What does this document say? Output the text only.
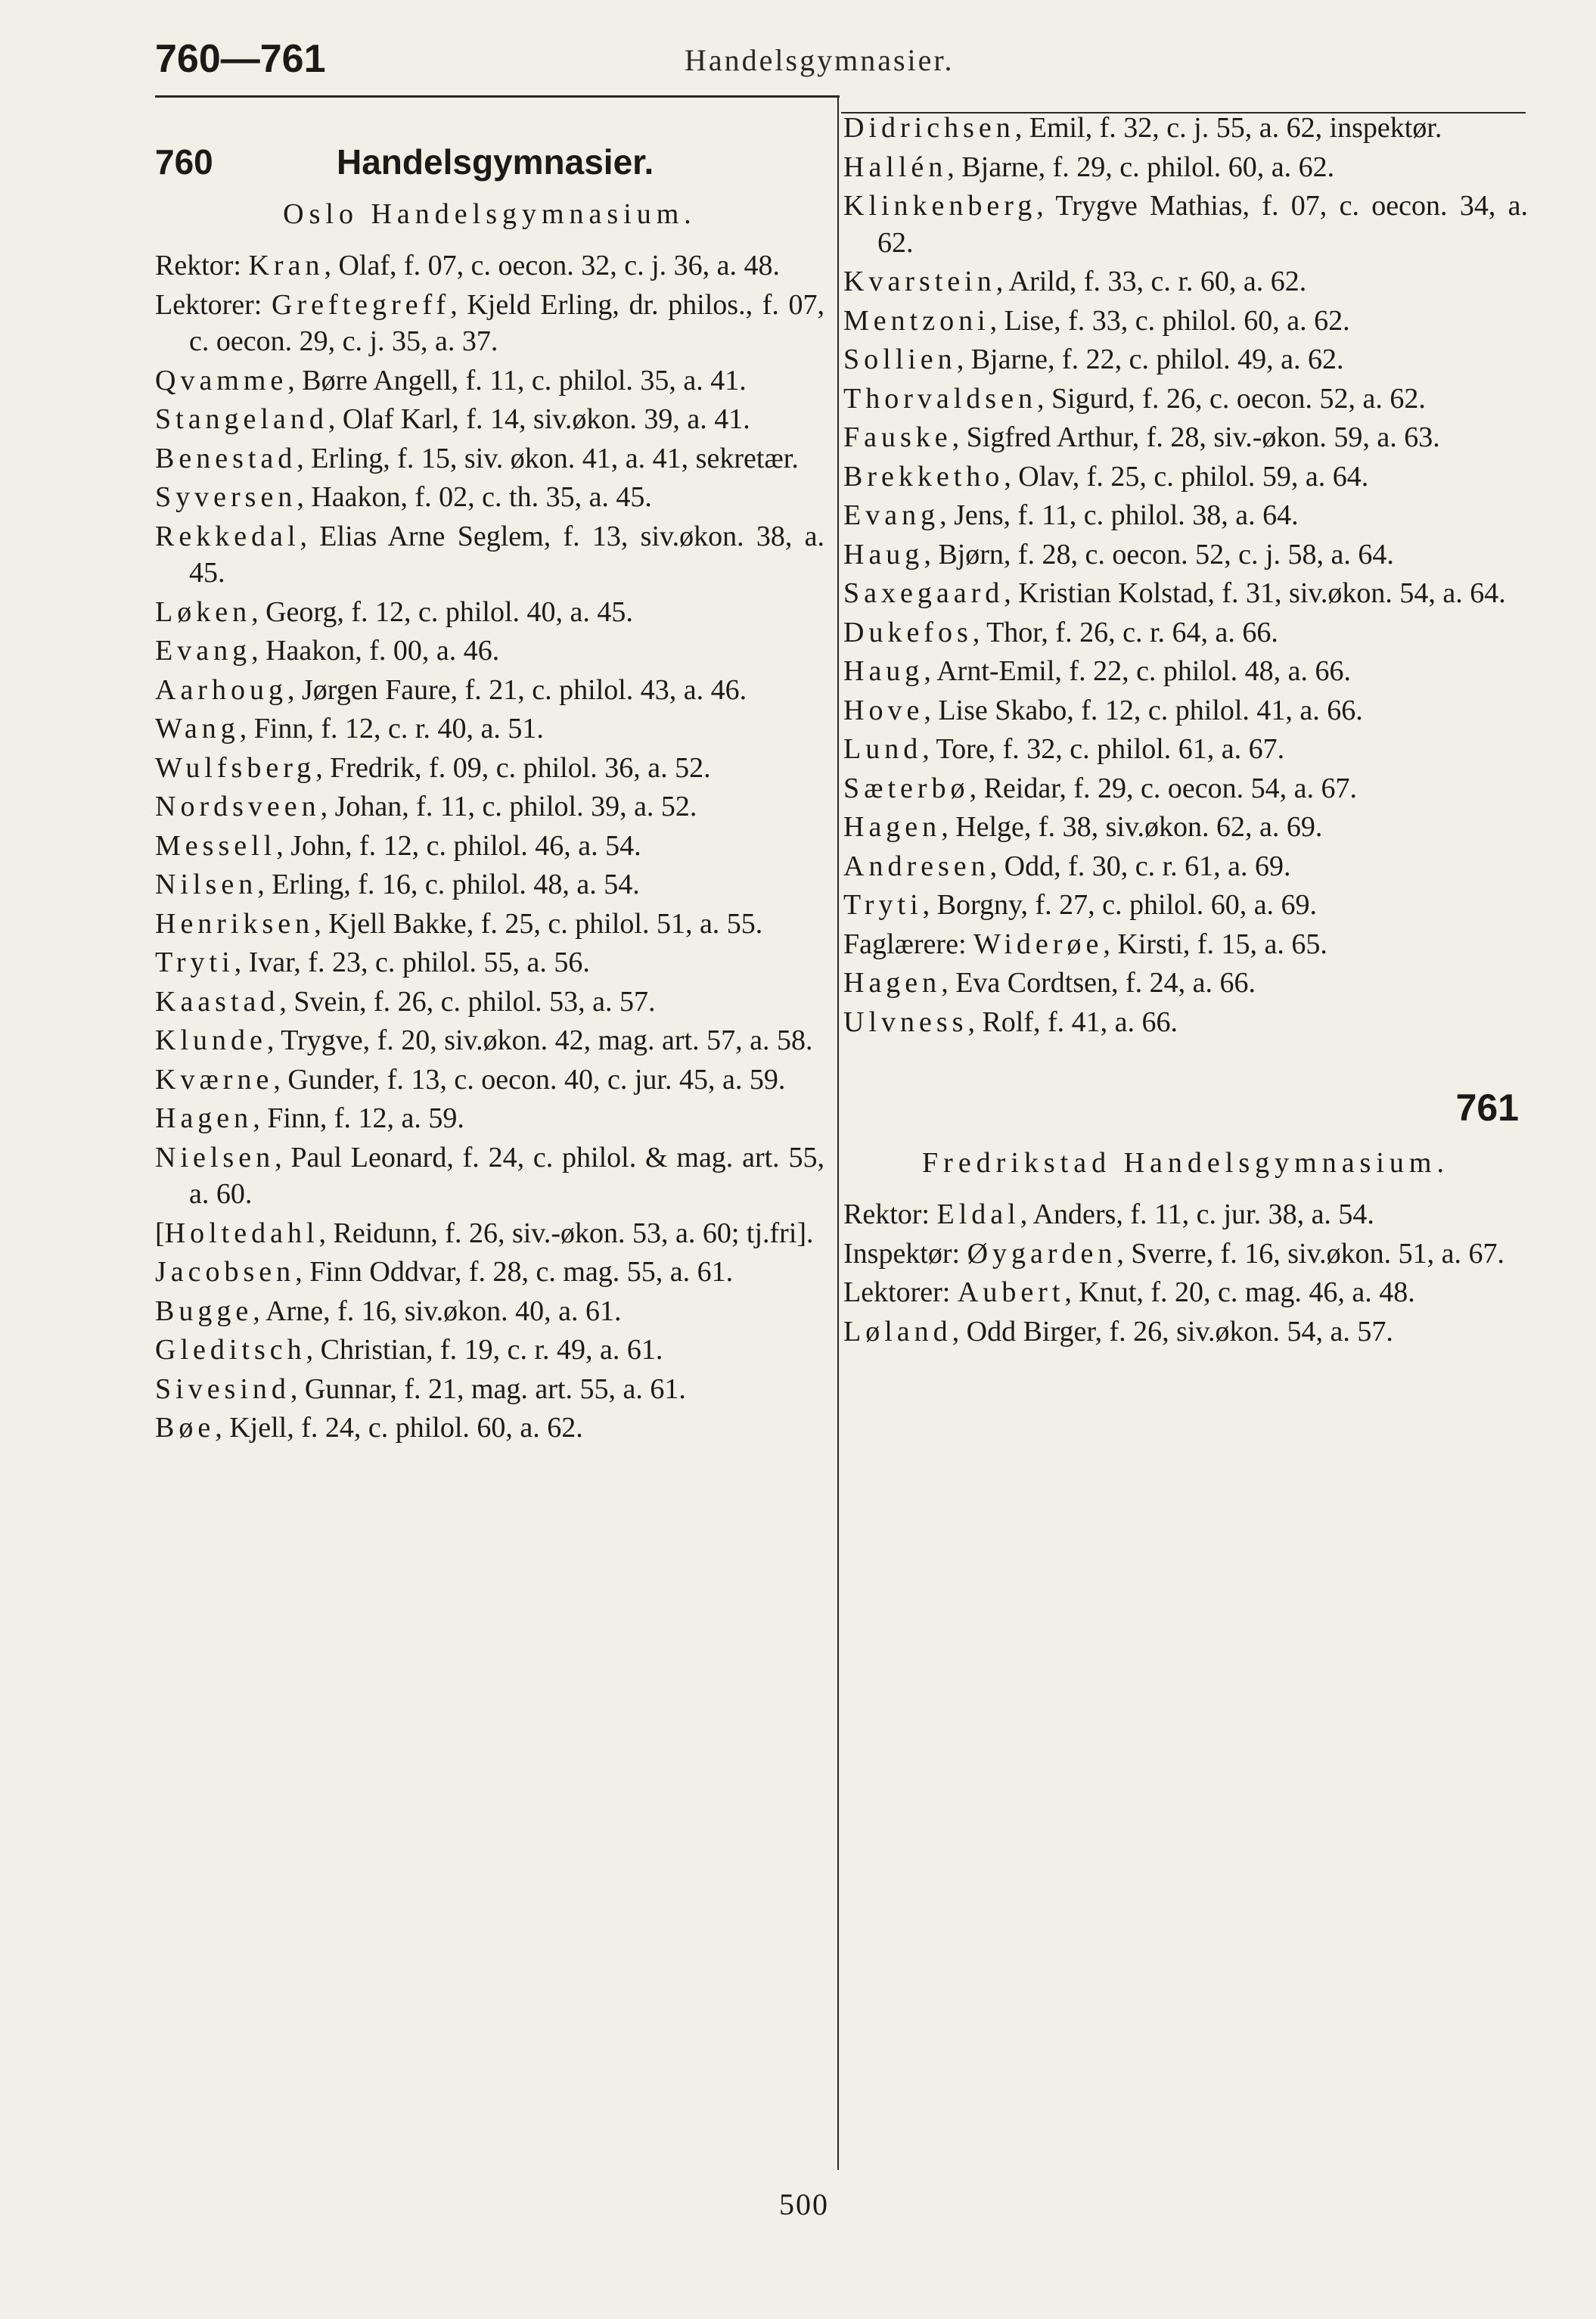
760—761	Handelsgymnasier.
760	Handelsgymnasier.
Oslo Handelsgymnasium.
Rektor: Kran, Olaf, f. 07, c. oecon. 32, c. j. 36, a. 48.
Lektorer: Greftegreff, Kjeld Erling, dr. philos., f. 07, c. oecon. 29, c. j. 35, a. 37.
Qvamme, Børre Angell, f. 11, c. philol. 35, a. 41.
Stangeland, Olaf Karl, f. 14, siv.økon. 39, a. 41.
Benestad, Erling, f. 15, siv. økon. 41, a. 41, sekretær.
Syversen, Haakon, f. 02, c. th. 35, a. 45.
Rekkedal, Elias Arne Seglem, f. 13, siv.økon. 38, a. 45.
Løken, Georg, f. 12, c. philol. 40, a. 45.
Evang, Haakon, f. 00, a. 46.
Aarhoug, Jørgen Faure, f. 21, c. philol. 43, a. 46.
Wang, Finn, f. 12, c. r. 40, a. 51.
Wulfsberg, Fredrik, f. 09, c. philol. 36, a. 52.
Nordsveen, Johan, f. 11, c. philol. 39, a. 52.
Messell, John, f. 12, c. philol. 46, a. 54.
Nilsen, Erling, f. 16, c. philol. 48, a. 54.
Henriksen, Kjell Bakke, f. 25, c. philol. 51, a. 55.
Tryti, Ivar, f. 23, c. philol. 55, a. 56.
Kaastad, Svein, f. 26, c. philol. 53, a. 57.
Klunde, Trygve, f. 20, siv.økon. 42, mag. art. 57, a. 58.
Kværne, Gunder, f. 13, c. oecon. 40, c. jur. 45, a. 59.
Hagen, Finn, f. 12, a. 59.
Nielsen, Paul Leonard, f. 24, c. philol. & mag. art. 55, a. 60.
[Holtedahl, Reidunn, f. 26, siv.-økon. 53, a. 60; tj.fri].
Jacobsen, Finn Oddvar, f. 28, c. mag. 55, a. 61.
Bugge, Arne, f. 16, siv.økon. 40, a. 61.
Gleditsch, Christian, f. 19, c. r. 49, a. 61.
Sivesind, Gunnar, f. 21, mag. art. 55, a. 61.
Bøe, Kjell, f. 24, c. philol. 60, a. 62.
Didrichsen, Emil, f. 32, c. j. 55, a. 62, inspektør.
Hallén, Bjarne, f. 29, c. philol. 60, a. 62.
Klinkenberg, Trygve Mathias, f. 07, c. oecon. 34, a. 62.
Kvarstein, Arild, f. 33, c. r. 60, a. 62.
Mentzoni, Lise, f. 33, c. philol. 60, a. 62.
Sollien, Bjarne, f. 22, c. philol. 49, a. 62.
Thorvaldsen, Sigurd, f. 26, c. oecon. 52, a. 62.
Fauske, Sigfred Arthur, f. 28, siv.-økon. 59, a. 63.
Brekketho, Olav, f. 25, c. philol. 59, a. 64.
Evang, Jens, f. 11, c. philol. 38, a. 64.
Haug, Bjørn, f. 28, c. oecon. 52, c. j. 58, a. 64.
Saxegaard, Kristian Kolstad, f. 31, siv.økon. 54, a. 64.
Dukefos, Thor, f. 26, c. r. 64, a. 66.
Haug, Arnt-Emil, f. 22, c. philol. 48, a. 66.
Hove, Lise Skabo, f. 12, c. philol. 41, a. 66.
Lund, Tore, f. 32, c. philol. 61, a. 67.
Sæterbø, Reidar, f. 29, c. oecon. 54, a. 67.
Hagen, Helge, f. 38, siv.økon. 62, a. 69.
Andresen, Odd, f. 30, c. r. 61, a. 69.
Tryti, Borgny, f. 27, c. philol. 60, a. 69.
Faglærere: Widerøe, Kirsti, f. 15, a. 65.
Hagen, Eva Cordtsen, f. 24, a. 66.
Ulvness, Rolf, f. 41, a. 66.
761
Fredrikstad Handelsgymnasium.
Rektor: Eldal, Anders, f. 11, c. jur. 38, a. 54.
Inspektør: Øygarden, Sverre, f. 16, siv.økon. 51, a. 67.
Lektorer: Aubert, Knut, f. 20, c. mag. 46, a. 48.
Løland, Odd Birger, f. 26, siv.økon. 54, a. 57.
500
